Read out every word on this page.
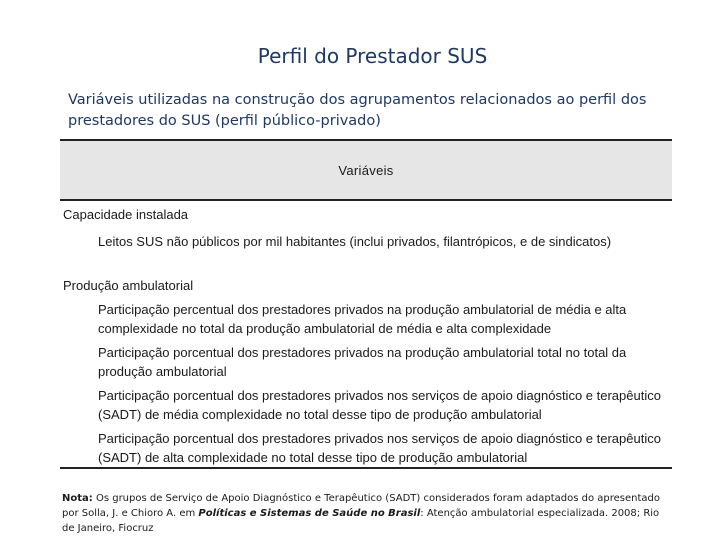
Perfil do Prestador SUS
Variáveis utilizadas na construção dos agrupamentos relacionados ao perfil dos prestadores do SUS (perfil público-privado)
Variáveis
Capacidade instalada
Leitos SUS não públicos por mil habitantes (inclui privados, filantrópicos, e de sindicatos)
Produção ambulatorial
Participação percentual dos prestadores privados na produção ambulatorial de média e alta complexidade no total da produção ambulatorial de média e alta complexidade
Participação porcentual dos prestadores privados na produção ambulatorial total no total da produção ambulatorial
Participação porcentual dos prestadores privados nos serviços de apoio diagnóstico e terapêutico (SADT) de média complexidade no total desse tipo de produção ambulatorial
Participação porcentual dos prestadores privados nos serviços de apoio diagnóstico e terapêutico (SADT) de alta complexidade no total desse tipo de produção ambulatorial
Nota: Os grupos de Serviço de Apoio Diagnóstico e Terapêutico (SADT) considerados foram adaptados do apresentado por Solla, J. e Chioro A. em Políticas e Sistemas de Saúde no Brasil: Atenção ambulatorial especializada. 2008; Rio de Janeiro, Fiocruz
